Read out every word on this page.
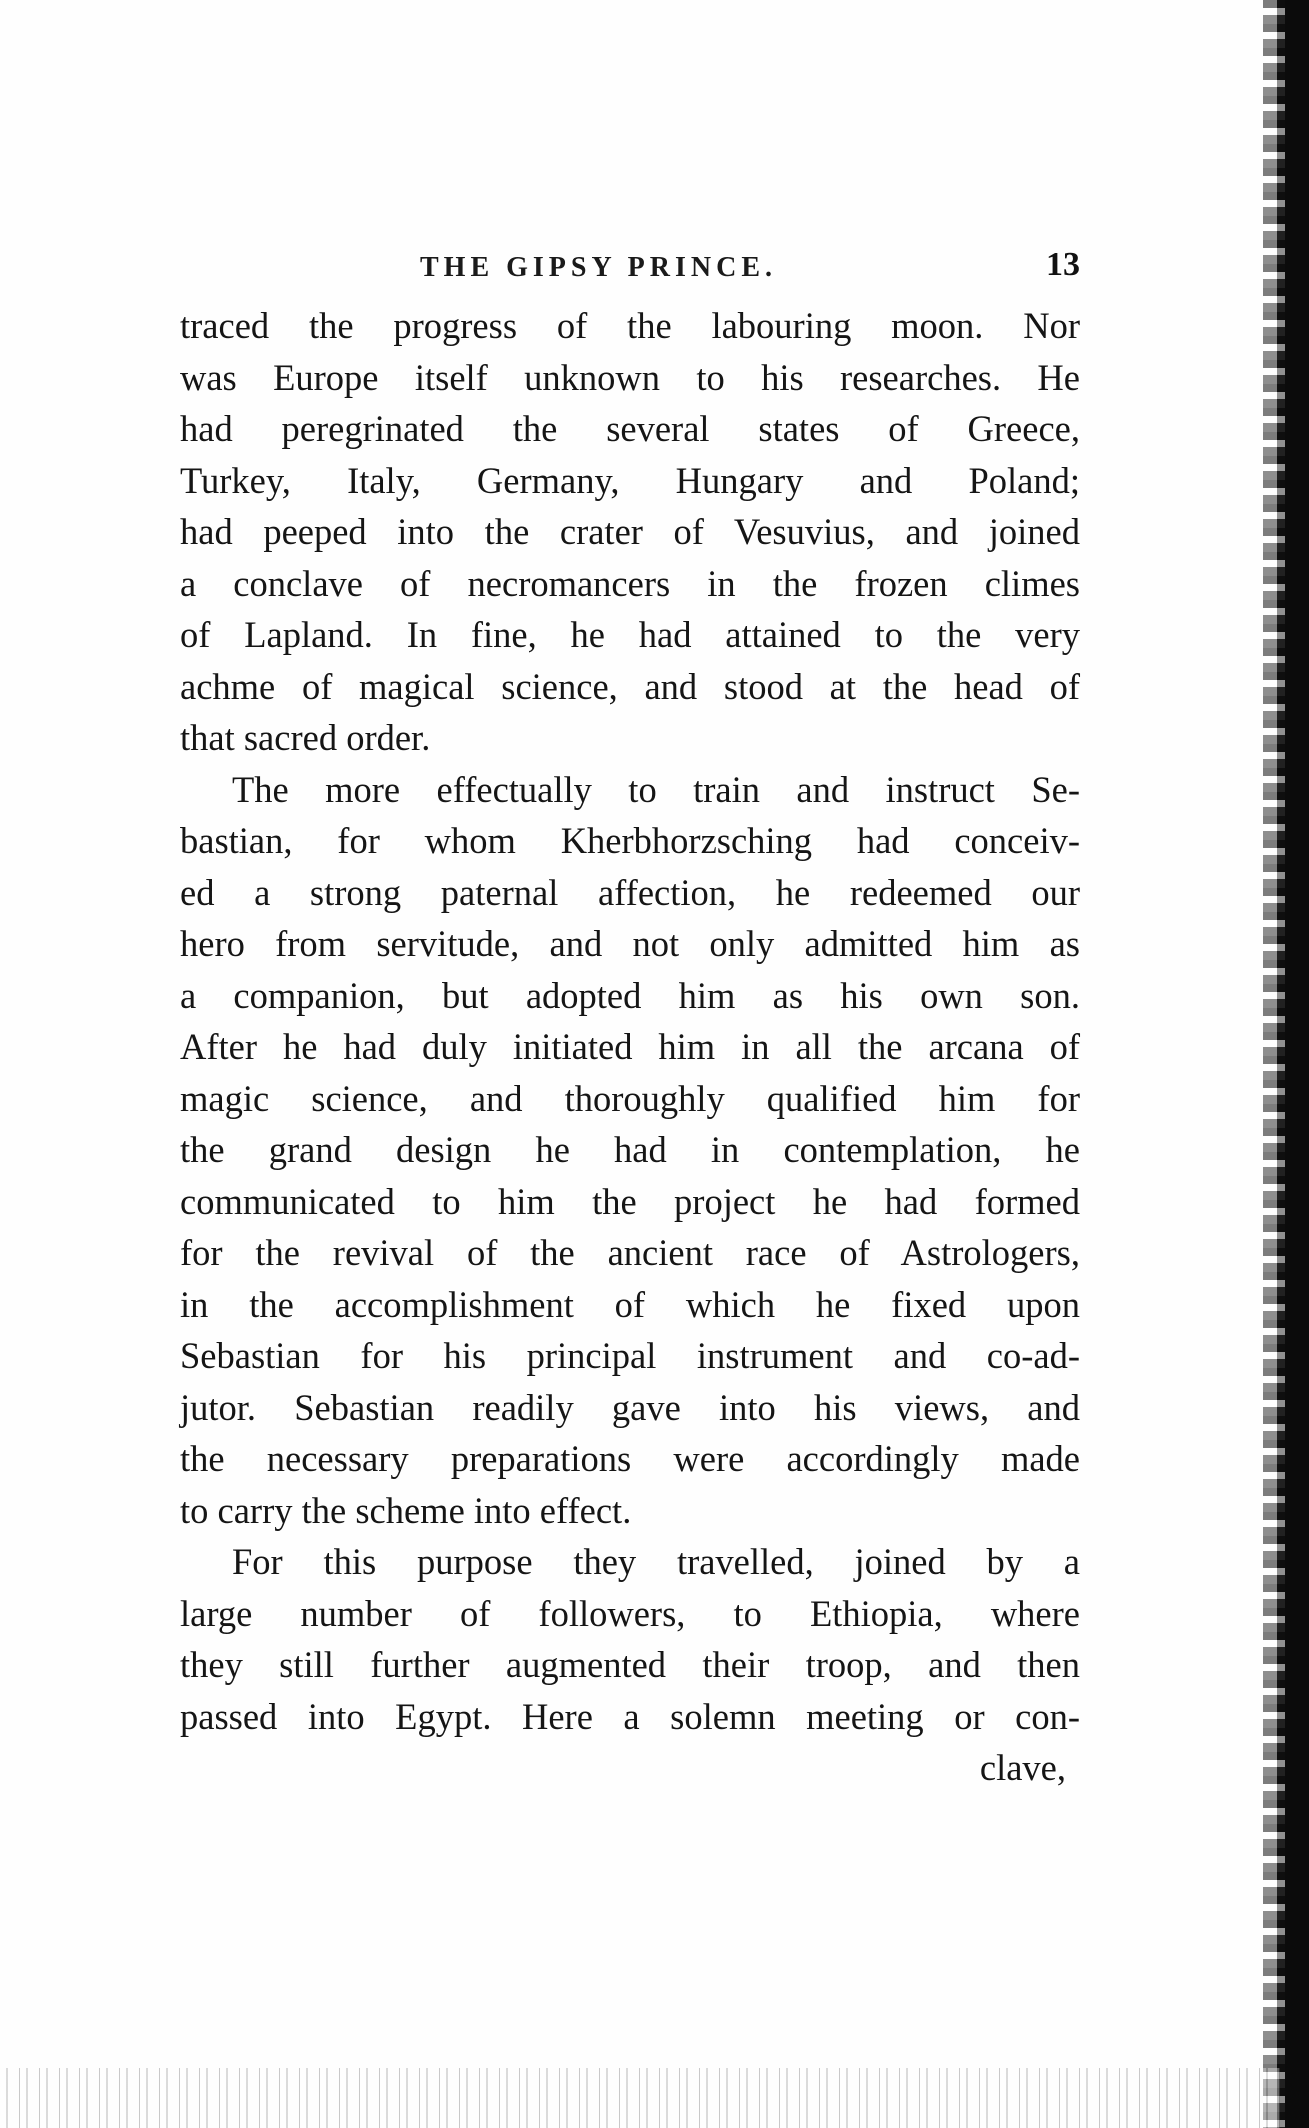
THE GIPSY PRINCE.	13
traced the progress of the labouring moon. Nor
was Europe itself unknown to his researches. He
had peregrinated the several states of Greece,
Turkey, Italy, Germany, Hungary and Poland;
had peeped into the crater of Vesuvius, and joined
a conclave of necromancers in the frozen climes
of Lapland. In fine, he had attained to the very
achme of magical science, and stood at the head of
that sacred order.
The more effectually to train and instruct Se-
bastian, for whom Kherbhorzsching had conceiv-
ed a strong paternal affection, he redeemed our
hero from servitude, and not only admitted him as
a companion, but adopted him as his own son.
After he had duly initiated him in all the arcana of
magic science, and thoroughly qualified him for
the grand design he had in contemplation, he
communicated to him the project he had formed
for the revival of the ancient race of Astrologers,
in the accomplishment of which he fixed upon
Sebastian for his principal instrument and co-ad-
jutor. Sebastian readily gave into his views, and
the necessary preparations were accordingly made
to carry the scheme into effect.
For this purpose they travelled, joined by a
large number of followers, to Ethiopia, where
they still further augmented their troop, and then
passed into Egypt. Here a solemn meeting or con-
clave,
